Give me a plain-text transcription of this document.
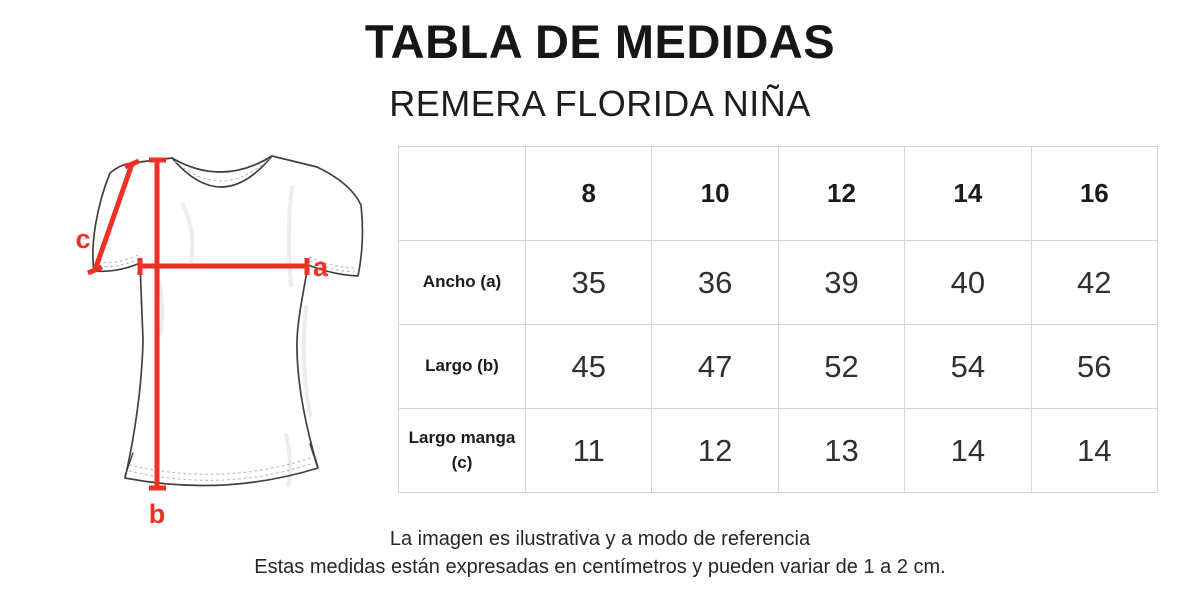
TABLA DE MEDIDAS
REMERA FLORIDA NIÑA
a
b
c
	8	10	12	14	16
Ancho (a)	35	36	39	40	42
Largo (b)	45	47	52	54	56
Largo manga (c)	11	12	13	14	14
La imagen es ilustrativa y a modo de referencia
Estas medidas están expresadas en centímetros y pueden variar de 1 a 2 cm.
